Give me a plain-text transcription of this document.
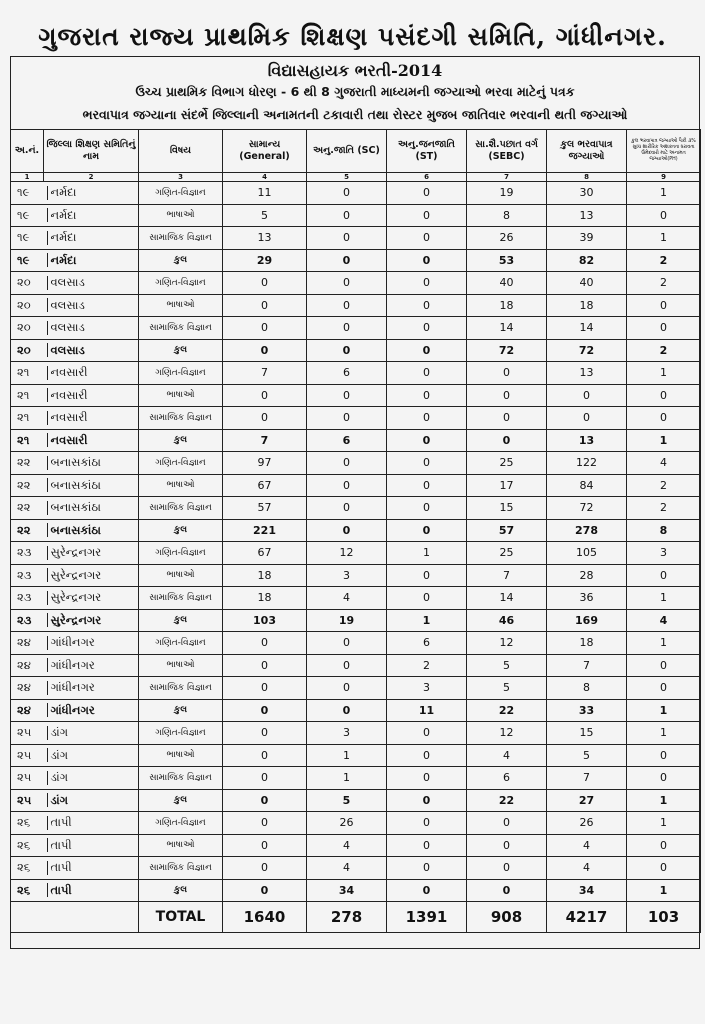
ગુજરાત રાજ્ય પ્રાથમિક શિક્ષણ પસંદગી સમિતિ, ગાંધીનગર.
વિદ્યાસહાયક ભરતી-2014
ઉચ્ચ પ્રાથમિક વિભાગ ધોરણ - 6 થી 8 ગુજરાતી માધ્યમની જગ્યાઓ ભરવા માટેનું પત્રક
ભરવાપાત્ર જગ્યાના સંદર્ભે જિલ્લાની અનામતની ટકાવારી તથા રોસ્ટર મુજબ જાતિવાર ભરવાની થતી જગ્યાઓ
અ.નં.	જિલ્લા શિક્ષણ સમિતિનું નામ	વિષય	સામાન્ય (General)	અનુ.જાતિ (SC)	અનુ.જનજાતિ (ST)	સા.શૈ.પછાત વર્ગ (SEBC)	કુલ ભરવાપાત્ર જગ્યાઓ	કુલ ભરવાપાત્ર જગ્યાઓ પૈકી ૩% સુધ્ધ શારીરિક અશક્તતા ધરાવતા ઉમેદવારો માટે અનામત જગ્યાઓ(PH)
1	2	3	4	5	6	7	8	9
૧૯	નર્મદા	ગણિત-વિજ્ઞાન	11	0	0	19	30	1
૧૯	નર્મદા	ભાષાઓ	5	0	0	8	13	0
૧૯	નર્મદા	સામાજિક વિજ્ઞાન	13	0	0	26	39	1
૧૯	નર્મદા	કુલ	29	0	0	53	82	2
૨૦	વલસાડ	ગણિત-વિજ્ઞાન	0	0	0	40	40	2
૨૦	વલસાડ	ભાષાઓ	0	0	0	18	18	0
૨૦	વલસાડ	સામાજિક વિજ્ઞાન	0	0	0	14	14	0
૨૦	વલસાડ	કુલ	0	0	0	72	72	2
૨૧	નવસારી	ગણિત-વિજ્ઞાન	7	6	0	0	13	1
૨૧	નવસારી	ભાષાઓ	0	0	0	0	0	0
૨૧	નવસારી	સામાજિક વિજ્ઞાન	0	0	0	0	0	0
૨૧	નવસારી	કુલ	7	6	0	0	13	1
૨૨	બનાસકાંઠા	ગણિત-વિજ્ઞાન	97	0	0	25	122	4
૨૨	બનાસકાંઠા	ભાષાઓ	67	0	0	17	84	2
૨૨	બનાસકાંઠા	સામાજિક વિજ્ઞાન	57	0	0	15	72	2
૨૨	બનાસકાંઠા	કુલ	221	0	0	57	278	8
૨૩	સુરેન્દ્રનગર	ગણિત-વિજ્ઞાન	67	12	1	25	105	3
૨૩	સુરેન્દ્રનગર	ભાષાઓ	18	3	0	7	28	0
૨૩	સુરેન્દ્રનગર	સામાજિક વિજ્ઞાન	18	4	0	14	36	1
૨૩	સુરેન્દ્રનગર	કુલ	103	19	1	46	169	4
૨૪	ગાંધીનગર	ગણિત-વિજ્ઞાન	0	0	6	12	18	1
૨૪	ગાંધીનગર	ભાષાઓ	0	0	2	5	7	0
૨૪	ગાંધીનગર	સામાજિક વિજ્ઞાન	0	0	3	5	8	0
૨૪	ગાંધીનગર	કુલ	0	0	11	22	33	1
૨૫	ડાંગ	ગણિત-વિજ્ઞાન	0	3	0	12	15	1
૨૫	ડાંગ	ભાષાઓ	0	1	0	4	5	0
૨૫	ડાંગ	સામાજિક વિજ્ઞાન	0	1	0	6	7	0
૨૫	ડાંગ	કુલ	0	5	0	22	27	1
૨૬	તાપી	ગણિત-વિજ્ઞાન	0	26	0	0	26	1
૨૬	તાપી	ભાષાઓ	0	4	0	0	4	0
૨૬	તાપી	સામાજિક વિજ્ઞાન	0	4	0	0	4	0
૨૬	તાપી	કુલ	0	34	0	0	34	1
		TOTAL	1640	278	1391	908	4217	103
